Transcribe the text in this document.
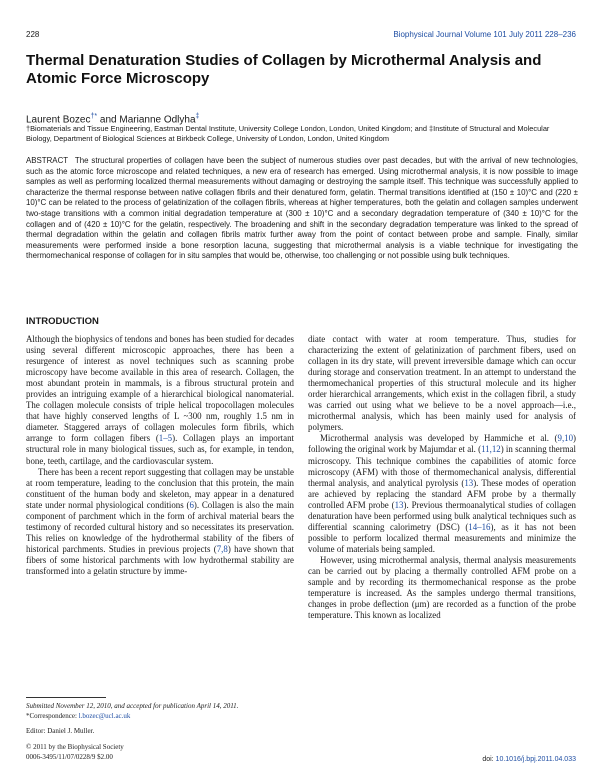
228	Biophysical Journal Volume 101 July 2011 228–236
Thermal Denaturation Studies of Collagen by Microthermal Analysis and Atomic Force Microscopy
Laurent Bozec†* and Marianne Odlyha‡
†Biomaterials and Tissue Engineering, Eastman Dental Institute, University College London, London, United Kingdom; and ‡Institute of Structural and Molecular Biology, Department of Biological Sciences at Birkbeck College, University of London, London, United Kingdom
ABSTRACT The structural properties of collagen have been the subject of numerous studies over past decades, but with the arrival of new technologies, such as the atomic force microscope and related techniques, a new era of research has emerged. Using microthermal analysis, it is now possible to image samples as well as performing localized thermal measurements without damaging or destroying the sample itself. This technique was successfully applied to characterize the thermal response between native collagen fibrils and their denatured form, gelatin. Thermal transitions identified at (150 ± 10)°C and (220 ± 10)°C can be related to the process of gelatinization of the collagen fibrils, whereas at higher temperatures, both the gelatin and collagen samples underwent two-stage transitions with a common initial degradation temperature at (300 ± 10)°C and a secondary degradation temperature of (340 ± 10)°C for the collagen and of (420 ± 10)°C for the gelatin, respectively. The broadening and shift in the secondary degradation temperature was linked to the spread of thermal degradation within the gelatin and collagen fibrils matrix further away from the point of contact between probe and sample. Finally, similar measurements were performed inside a bone resorption lacuna, suggesting that microthermal analysis is a viable technique for investigating the thermomechanical response of collagen for in situ samples that would be, otherwise, too challenging or not possible using bulk techniques.
INTRODUCTION

Although the biophysics of tendons and bones has been studied for decades using several different microscopic approaches, there has been a resurgence of interest as novel techniques such as scanning probe microscopy have become available in this area of research. Collagen, the most abundant protein in mammals, is a fibrous structural protein and provides an intriguing example of a hierarchical biological nanomaterial. The collagen molecule consists of triple helical tropocollagen molecules that have highly conserved lengths of L ~300 nm, roughly 1.5 nm in diameter. Staggered arrays of collagen molecules form fibrils, which arrange to form collagen fibers (1–5). Collagen plays an important structural role in many biological tissues, such as, for example, in tendon, bone, teeth, cartilage, and the cardiovascular system.

There has been a recent report suggesting that collagen may be unstable at room temperature, leading to the conclusion that this protein, the main constituent of the human body and skeleton, may appear in a denatured state under normal physiological conditions (6). Collagen is also the main component of parchment which in the form of archival material bears the testimony of recorded cultural history and so necessitates its preservation. This relies on knowledge of the hydrothermal stability of the fibers of historical parchments. Studies in previous projects (7,8) have shown that fibers of some historical parchments with low hydrothermal stability are transformed into a gelatin structure by imme-

diate contact with water at room temperature. Thus, studies for characterizing the extent of gelatinization of parchment fibers, used on collagen in its dry state, will prevent irreversible damage which can occur during storage and conservation treatment. In an attempt to understand the thermomechanical properties of this structural molecule and its higher order hierarchical arrangements, which exist in the collagen fibril, a study was carried out using what we believe to be a novel approach—i.e., microthermal analysis, which has been mainly used for analysis of polymers.

Microthermal analysis was developed by Hammiche et al. (9,10) following the original work by Majumdar et al. (11,12) in scanning thermal microscopy. This technique combines the capabilities of atomic force microscopy (AFM) with those of thermomechanical analysis, differential thermal analysis, and analytical pyrolysis (13). These modes of operation are achieved by replacing the standard AFM probe by a thermally controlled AFM probe (13). Previous thermoanalytical studies of collagen denaturation have been performed using bulk analytical techniques such as differential scanning calorimetry (DSC) (14–16), as it has not been possible to perform localized thermal measurements and minimize the volume of materials being sampled.

However, using microthermal analysis, thermal analysis measurements can be carried out by placing a thermally controlled AFM probe on a sample and by recording its thermomechanical response as the probe temperature is increased. As the samples undergo thermal transitions, changes in probe deflection (μm) are recorded as a function of the probe temperature. This known as localized

Submitted November 12, 2010, and accepted for publication April 14, 2011.
*Correspondence: l.bozec@ucl.ac.uk
Editor: Daniel J. Muller.
© 2011 by the Biophysical Society
0006-3495/11/07/0228/9 $2.00	doi: 10.1016/j.bpj.2011.04.033
